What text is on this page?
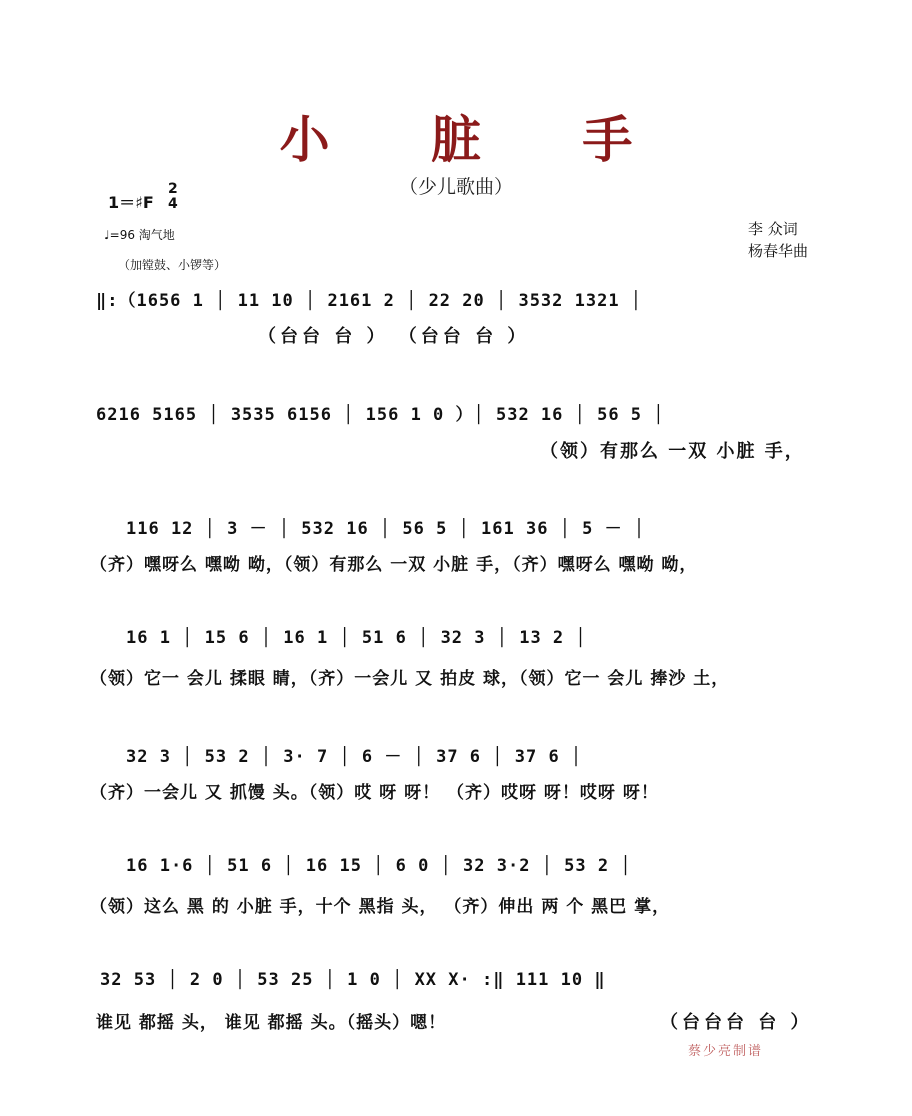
小 脏 手
（少儿歌曲）
1＝♯F
2
4
♩=96 淘气地
（加镗鼓、小锣等）
李 众词
杨春华曲
‖:（1656 1 │ 11 10 │ 2161 2 │ 22 20 │ 3532 1321 │
（台台 台 ） （台台 台 ）
6216 5165 │ 3535 6156 │ 156 1 0 ）│ 532 16 │ 56 5 │
（领）有那么 一双 小脏 手，
116 12 │ 3 － │ 532 16 │ 56 5 │ 161 36 │ 5 － │
（齐）嘿呀么 嘿呦 呦，（领）有那么 一双 小脏 手，（齐）嘿呀么 嘿呦 呦，
16 1 │ 15 6 │ 16 1 │ 51 6 │ 32 3 │ 13 2 │
（领）它一 会儿 揉眼 睛，（齐）一会儿 又 拍皮 球，（领）它一 会儿 捧沙 土，
32 3 │ 53 2 │ 3· 7 │ 6 － │ 37 6 │ 37 6 │
（齐）一会儿 又 抓馒 头。（领）哎 呀 呀！ （齐）哎呀 呀！哎呀 呀！
16 1·6 │ 51 6 │ 16 15 │ 6 0 │ 32 3·2 │ 53 2 │
（领）这么 黑 的 小脏 手，十个 黑指 头， （齐）伸出 两 个 黑巴 掌，
32 53 │ 2 0 │ 53 25 │ 1 0 │ XX X· :‖ 111 10 ‖
谁见 都摇 头， 谁见 都摇 头。（摇头）嗯！	（台台台 台 ）
蔡少亮制谱
